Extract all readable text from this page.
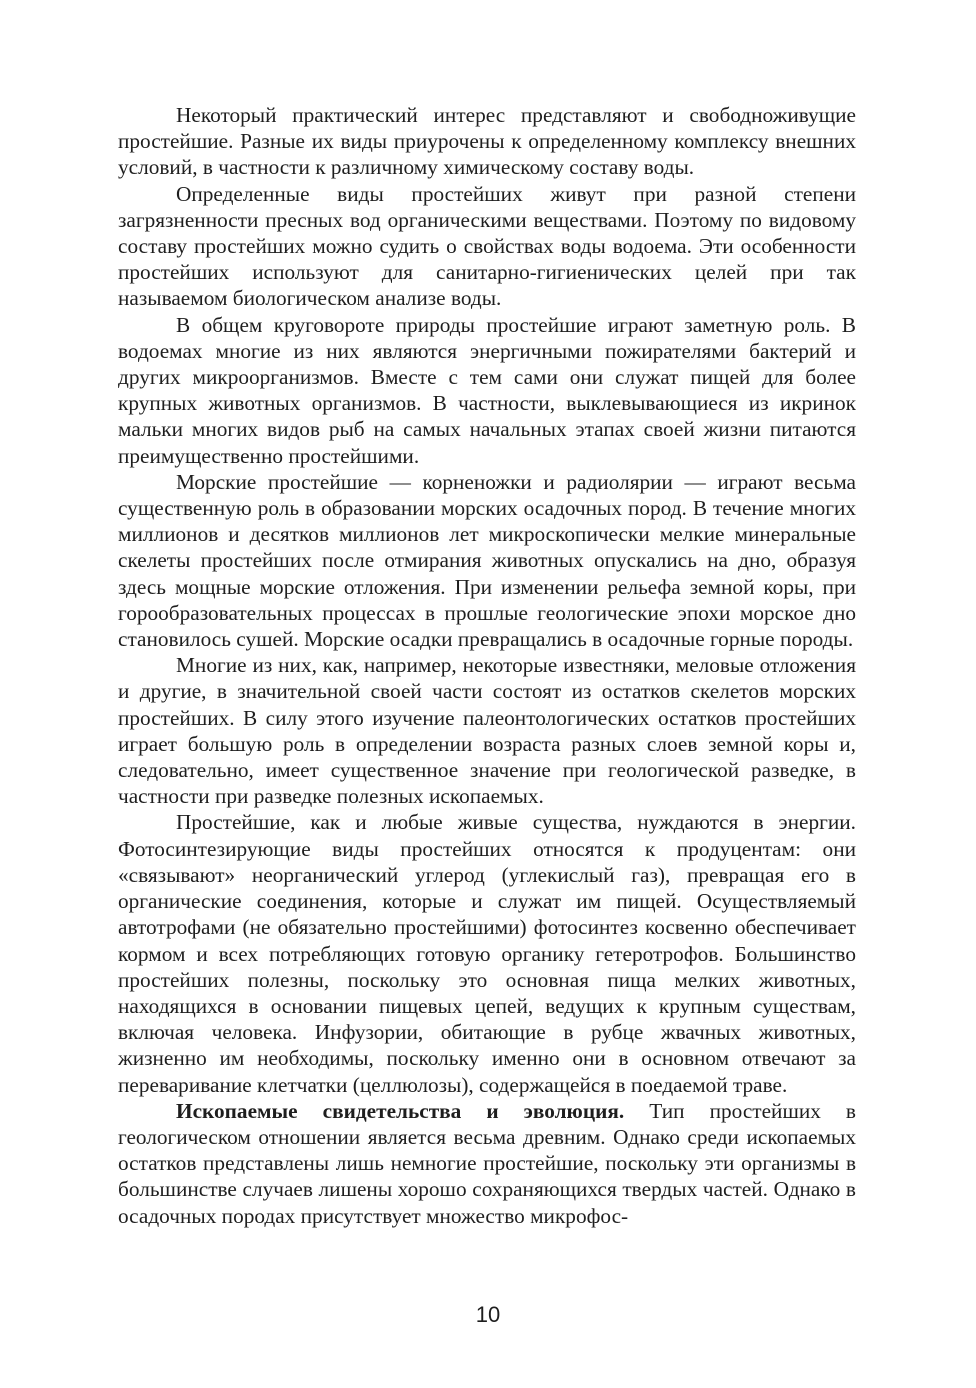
Некоторый практический интерес представляют и свободноживущие простейшие. Разные их виды приурочены к определенному комплексу внешних условий, в частности к различному химическому составу воды.

Определенные виды простейших живут при разной степени загрязненности пресных вод органическими веществами. Поэтому по видовому составу простейших можно судить о свойствах воды водоема. Эти особенности простейших используют для санитарно-гигиенических целей при так называемом биологическом анализе воды.

В общем круговороте природы простейшие играют заметную роль. В водоемах многие из них являются энергичными пожирателями бактерий и других микроорганизмов. Вместе с тем сами они служат пищей для более крупных животных организмов. В частности, выклевывающиеся из икринок мальки многих видов рыб на самых начальных этапах своей жизни питаются преимущественно простейшими.

Морские простейшие — корненожки и радиолярии — играют весьма существенную роль в образовании морских осадочных пород. В течение многих миллионов и десятков миллионов лет микроскопически мелкие минеральные скелеты простейших после отмирания животных опускались на дно, образуя здесь мощные морские отложения. При изменении рельефа земной коры, при горообразовательных процессах в прошлые геологические эпохи морское дно становилось сушей. Морские осадки превращались в осадочные горные породы.

Многие из них, как, например, некоторые известняки, меловые отложения и другие, в значительной своей части состоят из остатков скелетов морских простейших. В силу этого изучение палеонтологических остатков простейших играет большую роль в определении возраста разных слоев земной коры и, следовательно, имеет существенное значение при геологической разведке, в частности при разведке полезных ископаемых.

Простейшие, как и любые живые существа, нуждаются в энергии. Фотосинтезирующие виды простейших относятся к продуцентам: они «связывают» неорганический углерод (углекислый газ), превращая его в органические соединения, которые и служат им пищей. Осуществляемый автотрофами (не обязательно простейшими) фотосинтез косвенно обеспечивает кормом и всех потребляющих готовую органику гетеротрофов. Большинство простейших полезны, поскольку это основная пища мелких животных, находящихся в основании пищевых цепей, ведущих к крупным существам, включая человека. Инфузории, обитающие в рубце жвачных животных, жизненно им необходимы, поскольку именно они в основном отвечают за переваривание клетчатки (целлюлозы), содержащейся в поедаемой траве.

Ископаемые свидетельства и эволюция. Тип простейших в геологическом отношении является весьма древним. Однако среди ископаемых остатков представлены лишь немногие простейшие, поскольку эти организмы в большинстве случаев лишены хорошо сохраняющихся твердых частей. Однако в осадочных породах присутствует множество микрофос-

10
